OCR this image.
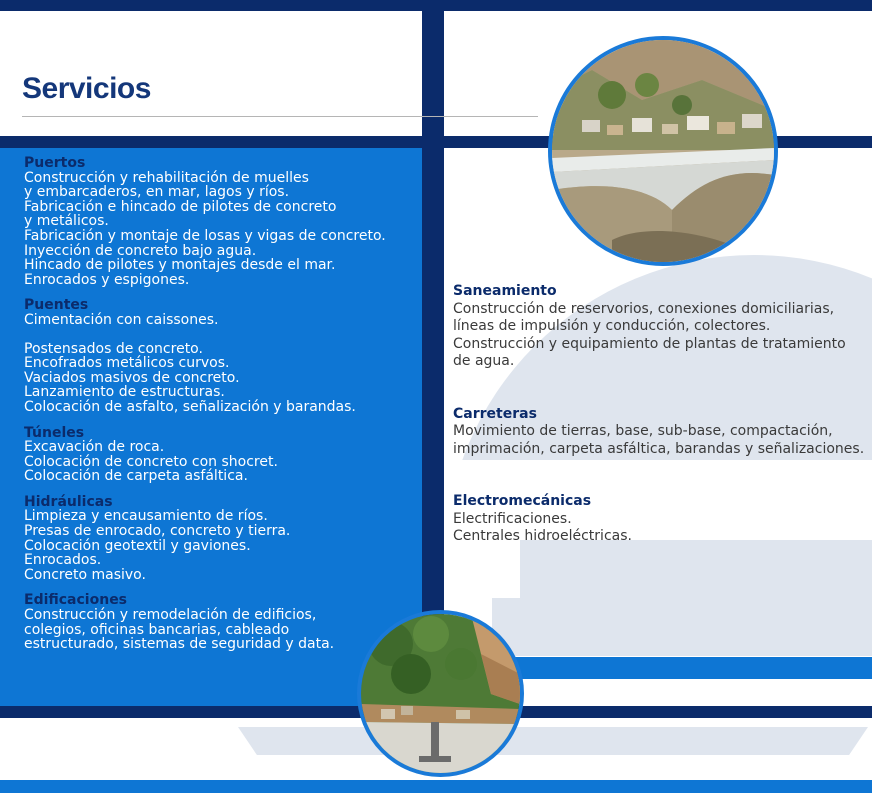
Servicios
Puertos
Construcción y rehabilitación de muelles
y embarcaderos, en mar, lagos y ríos.
Fabricación e hincado de pilotes de concreto
y metálicos.
Fabricación y montaje de losas y vigas de concreto.
Inyección de concreto bajo agua.
Hincado de pilotes y montajes desde el mar.
Enrocados y espigones.
Puentes
Cimentación con caissones.
Postensados de concreto.
Encofrados metálicos curvos.
Vaciados masivos de concreto.
Lanzamiento de estructuras.
Colocación de asfalto, señalización y barandas.
Túneles
Excavación de roca.
Colocación de concreto con shocret.
Colocación de carpeta asfáltica.
Hidráulicas
Limpieza y encausamiento de ríos.
Presas de enrocado, concreto y tierra.
Colocación geotextil y gaviones.
Enrocados.
Concreto masivo.
Edificaciones
Construcción y remodelación de edificios,
colegios, oficinas bancarias, cableado
estructurado, sistemas de seguridad y data.
Saneamiento
Construcción de reservorios, conexiones domiciliarias,
líneas de impulsión y conducción, colectores.
Construcción y equipamiento de plantas de tratamiento
de agua.
Carreteras
Movimiento de tierras, base, sub-base, compactación,
imprimación, carpeta asfáltica, barandas y señalizaciones.
Electromecánicas
Electrificaciones.
Centrales hidroeléctricas.
